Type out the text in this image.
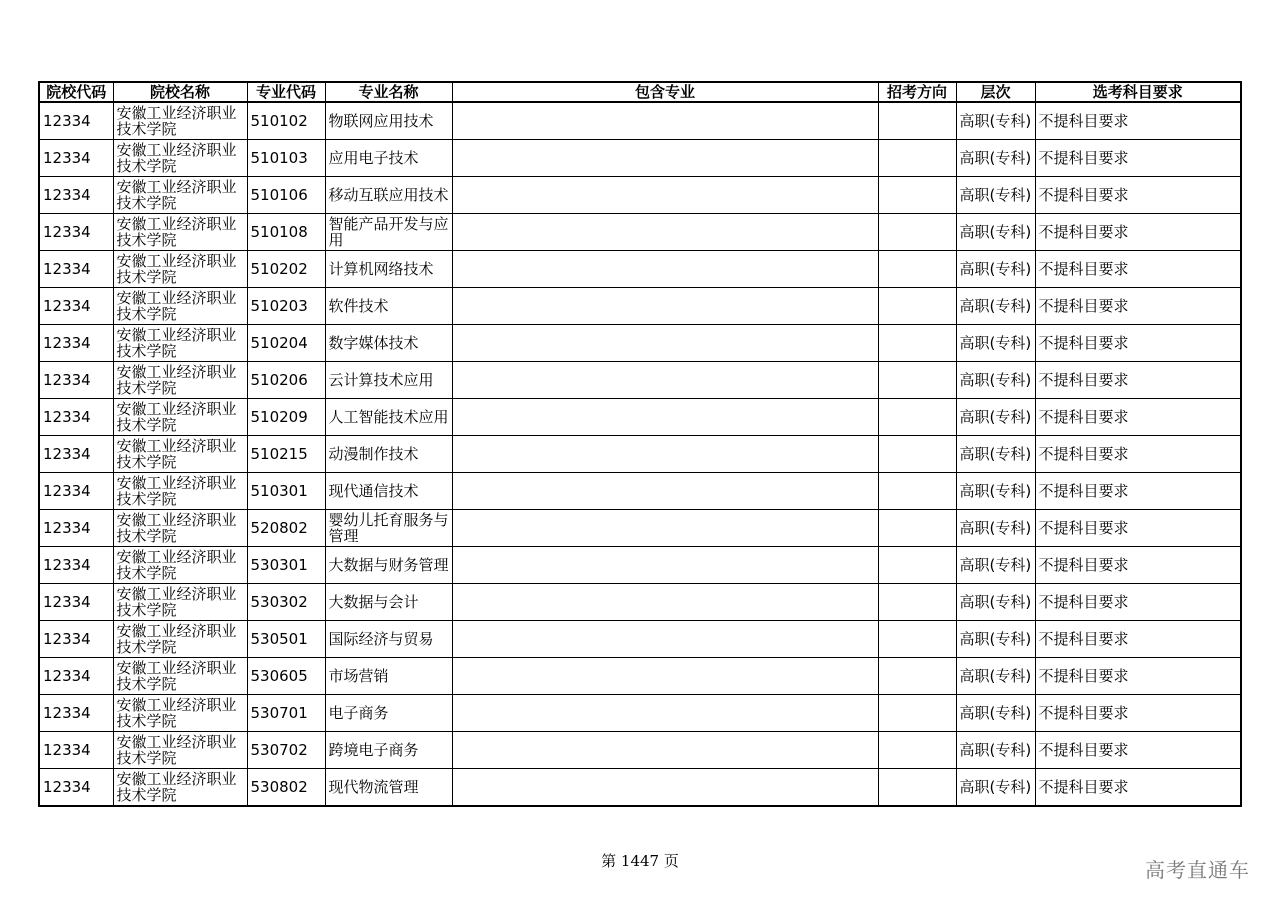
院校代码	院校名称	专业代码	专业名称	包含专业	招考方向	层次	选考科目要求
12334	安徽工业经济职业技术学院	510102	物联网应用技术			高职(专科)	不提科目要求
12334	安徽工业经济职业技术学院	510103	应用电子技术			高职(专科)	不提科目要求
12334	安徽工业经济职业技术学院	510106	移动互联应用技术			高职(专科)	不提科目要求
12334	安徽工业经济职业技术学院	510108	智能产品开发与应用			高职(专科)	不提科目要求
12334	安徽工业经济职业技术学院	510202	计算机网络技术			高职(专科)	不提科目要求
12334	安徽工业经济职业技术学院	510203	软件技术			高职(专科)	不提科目要求
12334	安徽工业经济职业技术学院	510204	数字媒体技术			高职(专科)	不提科目要求
12334	安徽工业经济职业技术学院	510206	云计算技术应用			高职(专科)	不提科目要求
12334	安徽工业经济职业技术学院	510209	人工智能技术应用			高职(专科)	不提科目要求
12334	安徽工业经济职业技术学院	510215	动漫制作技术			高职(专科)	不提科目要求
12334	安徽工业经济职业技术学院	510301	现代通信技术			高职(专科)	不提科目要求
12334	安徽工业经济职业技术学院	520802	婴幼儿托育服务与管理			高职(专科)	不提科目要求
12334	安徽工业经济职业技术学院	530301	大数据与财务管理			高职(专科)	不提科目要求
12334	安徽工业经济职业技术学院	530302	大数据与会计			高职(专科)	不提科目要求
12334	安徽工业经济职业技术学院	530501	国际经济与贸易			高职(专科)	不提科目要求
12334	安徽工业经济职业技术学院	530605	市场营销			高职(专科)	不提科目要求
12334	安徽工业经济职业技术学院	530701	电子商务			高职(专科)	不提科目要求
12334	安徽工业经济职业技术学院	530702	跨境电子商务			高职(专科)	不提科目要求
12334	安徽工业经济职业技术学院	530802	现代物流管理			高职(专科)	不提科目要求
第 1447 页	高考直通车
